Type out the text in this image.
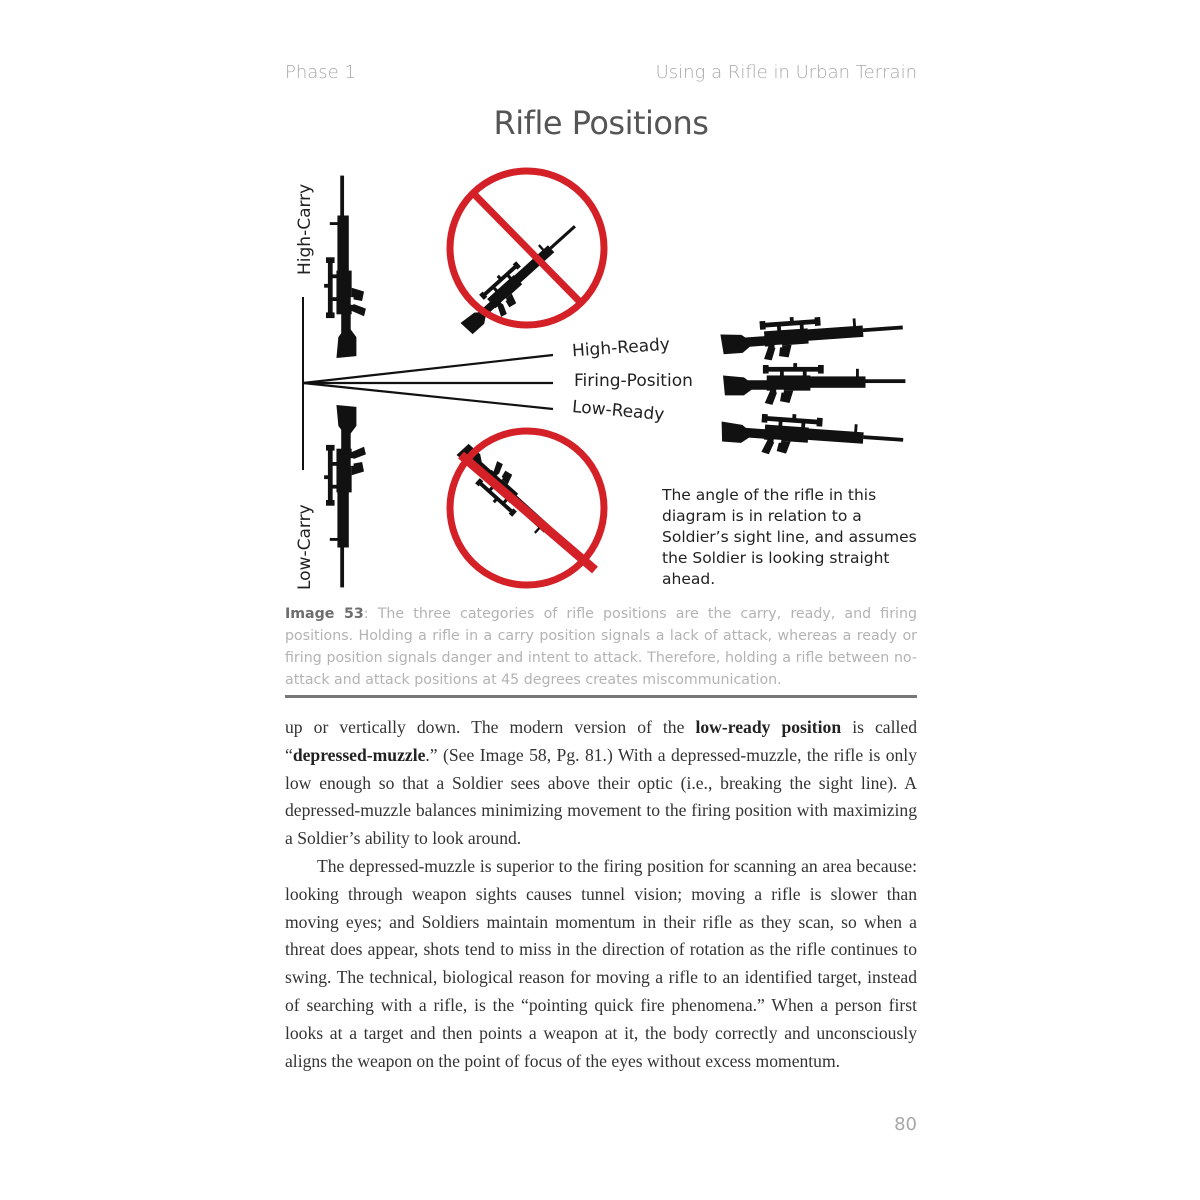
Phase 1	Using a Rifle in Urban Terrain
Rifle Positions
High-Carry
Low-Carry
High-Ready
Firing-Position
Low-Ready
The angle of the rifle in this diagram is in relation to a Soldier’s sight line, and assumes the Soldier is looking straight ahead.
Image 53: The three categories of rifle positions are the carry, ready, and firing positions. Holding a rifle in a carry position signals a lack of attack, whereas a ready or firing position signals danger and intent to attack. Therefore, holding a rifle between no-attack and attack positions at 45 degrees creates miscommunication.

up or vertically down. The modern version of the low-ready position is called “depressed-muzzle.” (See Image 58, Pg. 81.) With a depressed-muzzle, the rifle is only low enough so that a Soldier sees above their optic (i.e., breaking the sight line). A depressed-muzzle balances minimizing movement to the firing position with maximizing a Soldier’s ability to look around.

The depressed-muzzle is superior to the firing position for scanning an area because: looking through weapon sights causes tunnel vision; moving a rifle is slower than moving eyes; and Soldiers maintain momentum in their rifle as they scan, so when a threat does appear, shots tend to miss in the direction of rotation as the rifle continues to swing. The technical, biological reason for moving a rifle to an identified target, instead of searching with a rifle, is the “pointing quick fire phenomena.” When a person first looks at a target and then points a weapon at it, the body correctly and unconsciously aligns the weapon on the point of focus of the eyes without excess momentum.

80
